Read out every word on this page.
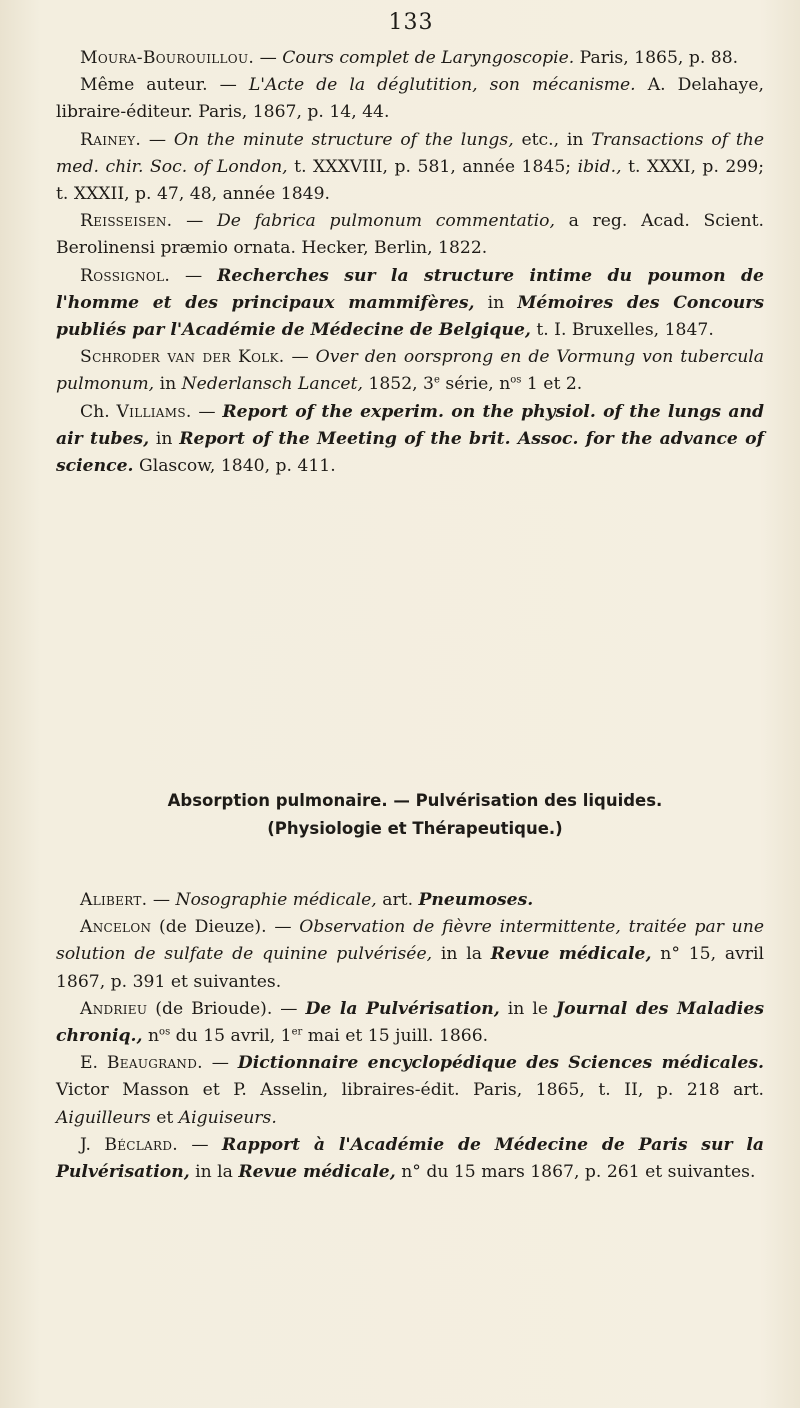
133

Moura-Bourouillou. — Cours complet de Laryngoscopie. Paris, 1865, p. 88.

Même auteur. — L'Acte de la déglutition, son mécanisme. A. Delahaye, libraire-éditeur. Paris, 1867, p. 14, 44.

Rainey. — On the minute structure of the lungs, etc., in Transactions of the med. chir. Soc. of London, t. XXXVIII, p. 581, année 1845; ibid., t. XXXI, p. 299; t. XXXII, p. 47, 48, année 1849.

Reisseisen. — De fabrica pulmonum commentatio, a reg. Acad. Scient. Berolinensi præmio ornata. Hecker, Berlin, 1822.

Rossignol. — Recherches sur la structure intime du poumon de l'homme et des principaux mammifères, in Mémoires des Concours publiés par l'Académie de Médecine de Belgique, t. I. Bruxelles, 1847.

Schroder van der Kolk. — Over den oorsprong en de Vormung von tubercula pulmonum, in Nederlansch Lancet, 1852, 3e série, $n^{os}$ 1 et 2.

Ch. Villiams. — Report of the experim. on the physiol. of the lungs and air tubes, in Report of the Meeting of the brit. Assoc. for the advance of science. Glascow, 1840, p. 411.

Absorption pulmonaire. — Pulvérisation des liquides.
(Physiologie et Thérapeutique.)

Alibert. — Nosographie médicale, art. Pneumoses.

Ancelon (de Dieuze). — Observation de fièvre intermittente, traitée par une solution de sulfate de quinine pulvérisée, in la Revue médicale, n° 15, avril 1867, p. 391 et suivantes.

Andrieu (de Brioude). — De la Pulvérisation, in le Journal des Maladies chroniq., $n^{os}$ du 15 avril, 1er mai et 15 juill. 1866.

E. Beaugrand. — Dictionnaire encyclopédique des Sciences médicales. Victor Masson et P. Asselin, libraires-édit. Paris, 1865, t. II, p. 218 art. Aiguilleurs et Aiguiseurs.

J. Béclard. — Rapport à l'Académie de Médecine de Paris sur la Pulvérisation, in la Revue médicale, n° du 15 mars 1867, p. 261 et suivantes.
